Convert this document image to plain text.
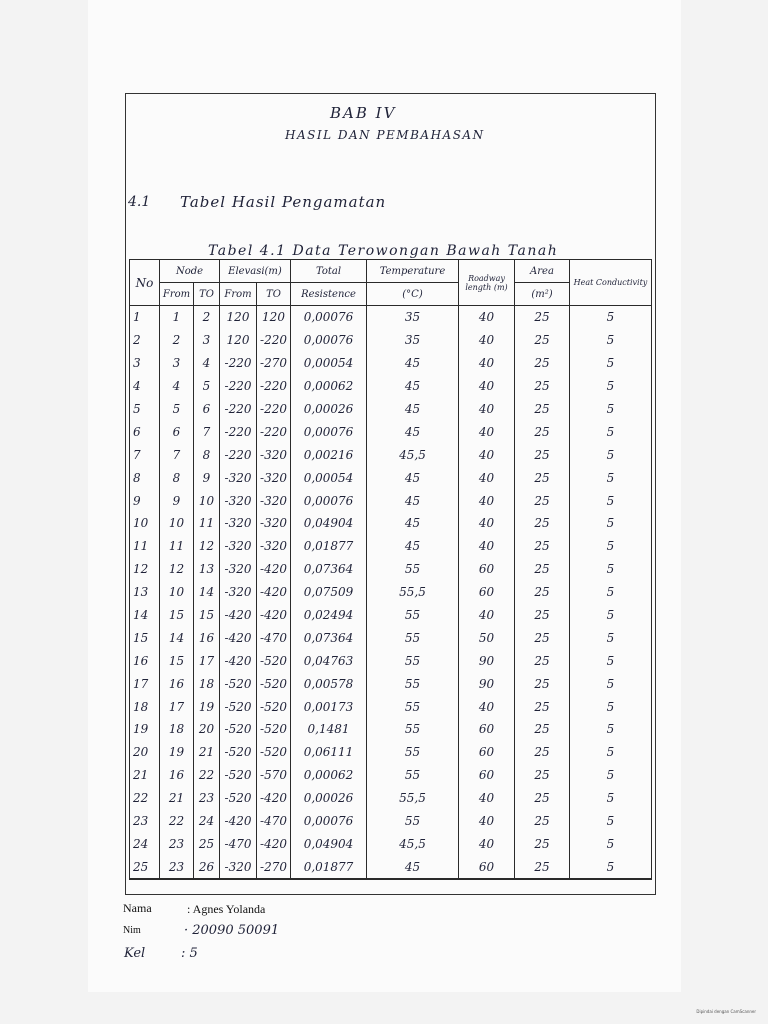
BAB IV
HASIL DAN PEMBAHASAN
4.1 Tabel Hasil Pengamatan
Tabel 4.1 Data Terowongan Bawah Tanah
No	Node		Elevasi(m)		Total	Temperature	Roadway length (m)	Area	Heat Conductivity
	From	TO	From	TO	Resistence	(°C)		(m²)	
1	1	2	120	120	0,00076	35	40	25	5
2	2	3	120	-220	0,00076	35	40	25	5
3	3	4	-220	-270	0,00054	45	40	25	5
4	4	5	-220	-220	0,00062	45	40	25	5
5	5	6	-220	-220	0,00026	45	40	25	5
6	6	7	-220	-220	0,00076	45	40	25	5
7	7	8	-220	-320	0,00216	45,5	40	25	5
8	8	9	-320	-320	0,00054	45	40	25	5
9	9	10	-320	-320	0,00076	45	40	25	5
10	10	11	-320	-320	0,04904	45	40	25	5
11	11	12	-320	-320	0,01877	45	40	25	5
12	12	13	-320	-420	0,07364	55	60	25	5
13	10	14	-320	-420	0,07509	55,5	60	25	5
14	15	15	-420	-420	0,02494	55	40	25	5
15	14	16	-420	-470	0,07364	55	50	25	5
16	15	17	-420	-520	0,04763	55	90	25	5
17	16	18	-520	-520	0,00578	55	90	25	5
18	17	19	-520	-520	0,00173	55	40	25	5
19	18	20	-520	-520	0,1481	55	60	25	5
20	19	21	-520	-520	0,06111	55	60	25	5
21	16	22	-520	-570	0,00062	55	60	25	5
22	21	23	-520	-420	0,00026	55,5	40	25	5
23	22	24	-420	-470	0,00076	55	40	25	5
24	23	25	-470	-420	0,04904	45,5	40	25	5
25	23	26	-320	-270	0,01877	45	60	25	5
Nama	: Agnes Yolanda
Nim	· 20090 50091
Kel	: 5
Dipindai dengan CamScanner
